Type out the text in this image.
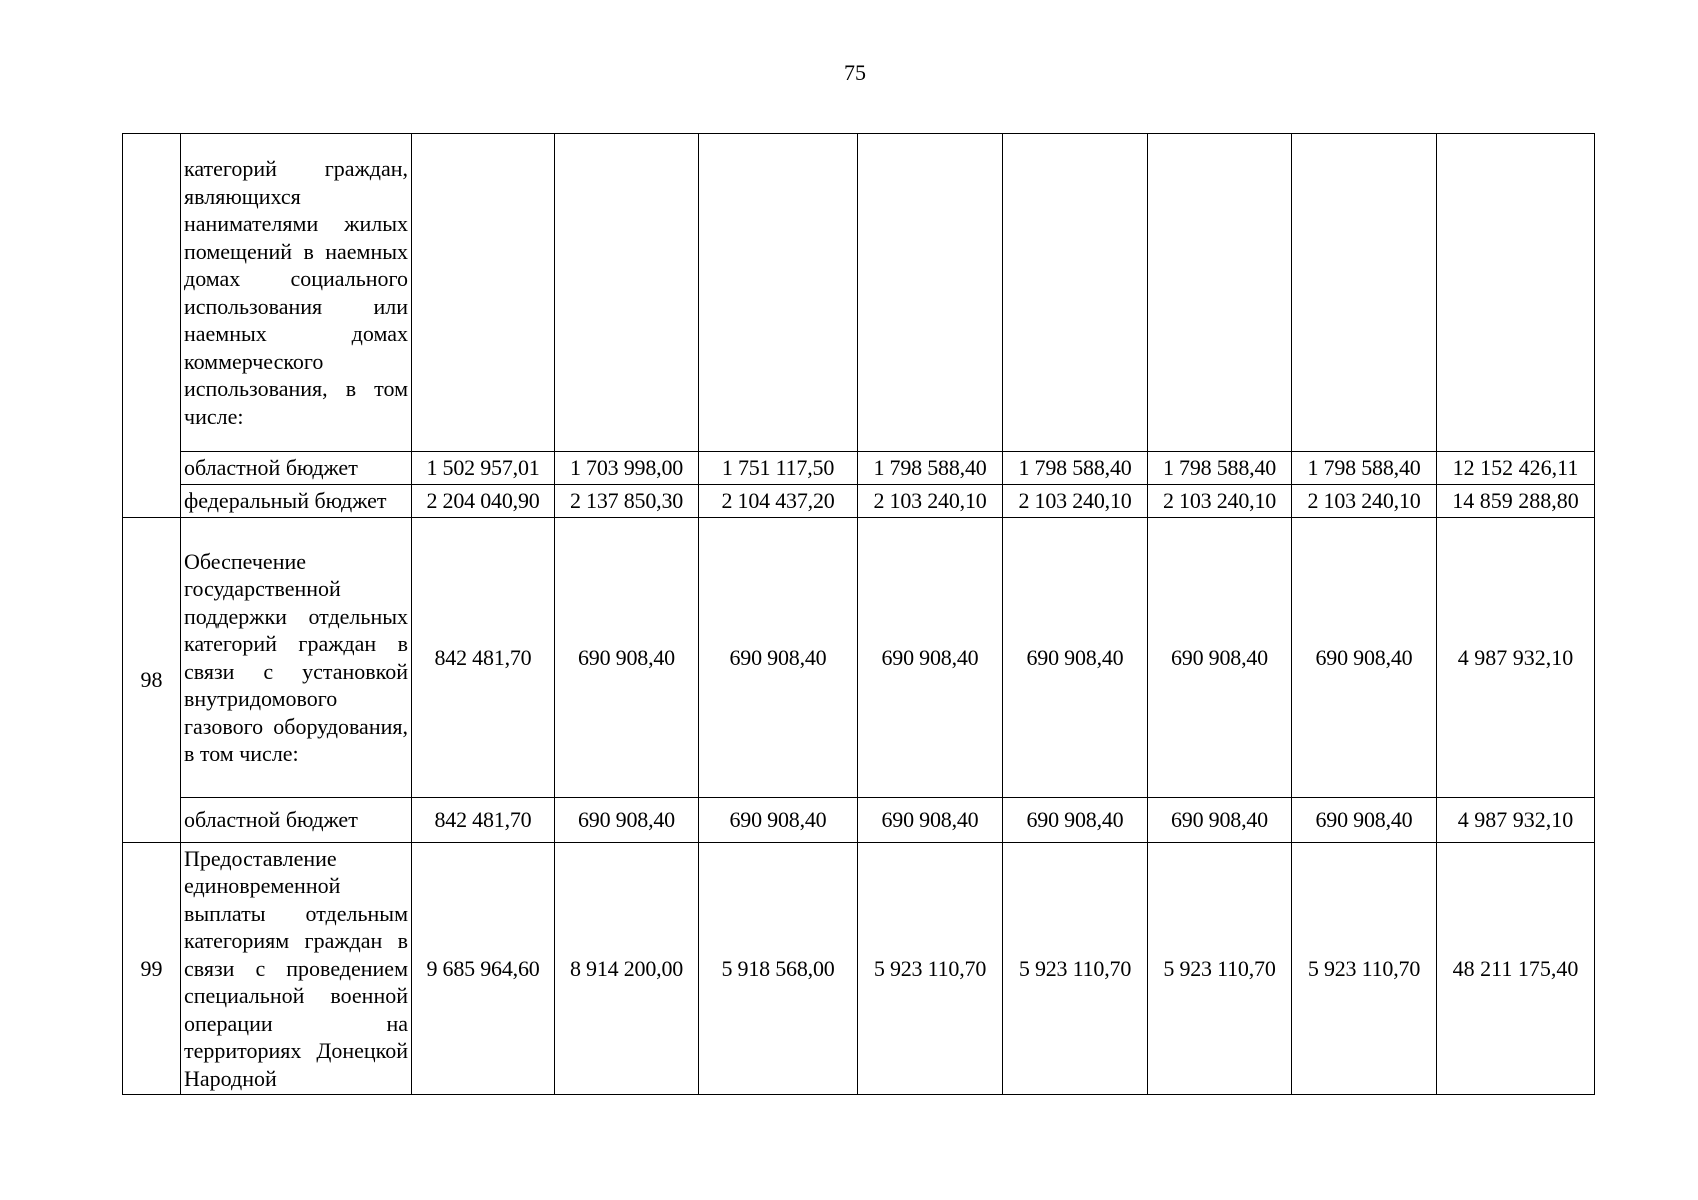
75
	категорий граждан, являющихся нанимателями жилых помещений в наемных домах социального использования или наемных домах коммерческого использования, в том числе:								
	областной бюджет	1 502 957,01	1 703 998,00	1 751 117,50	1 798 588,40	1 798 588,40	1 798 588,40	1 798 588,40	12 152 426,11
	федеральный бюджет	2 204 040,90	2 137 850,30	2 104 437,20	2 103 240,10	2 103 240,10	2 103 240,10	2 103 240,10	14 859 288,80
98	Обеспечение государственной поддержки отдельных категорий граждан в связи с установкой внутридомового газового оборудования, в том числе:	842 481,70	690 908,40	690 908,40	690 908,40	690 908,40	690 908,40	690 908,40	4 987 932,10
	областной бюджет	842 481,70	690 908,40	690 908,40	690 908,40	690 908,40	690 908,40	690 908,40	4 987 932,10
99	Предоставление единовременной выплаты отдельным категориям граждан в связи с проведением специальной военной операции на территориях Донецкой Народной	9 685 964,60	8 914 200,00	5 918 568,00	5 923 110,70	5 923 110,70	5 923 110,70	5 923 110,70	48 211 175,40
